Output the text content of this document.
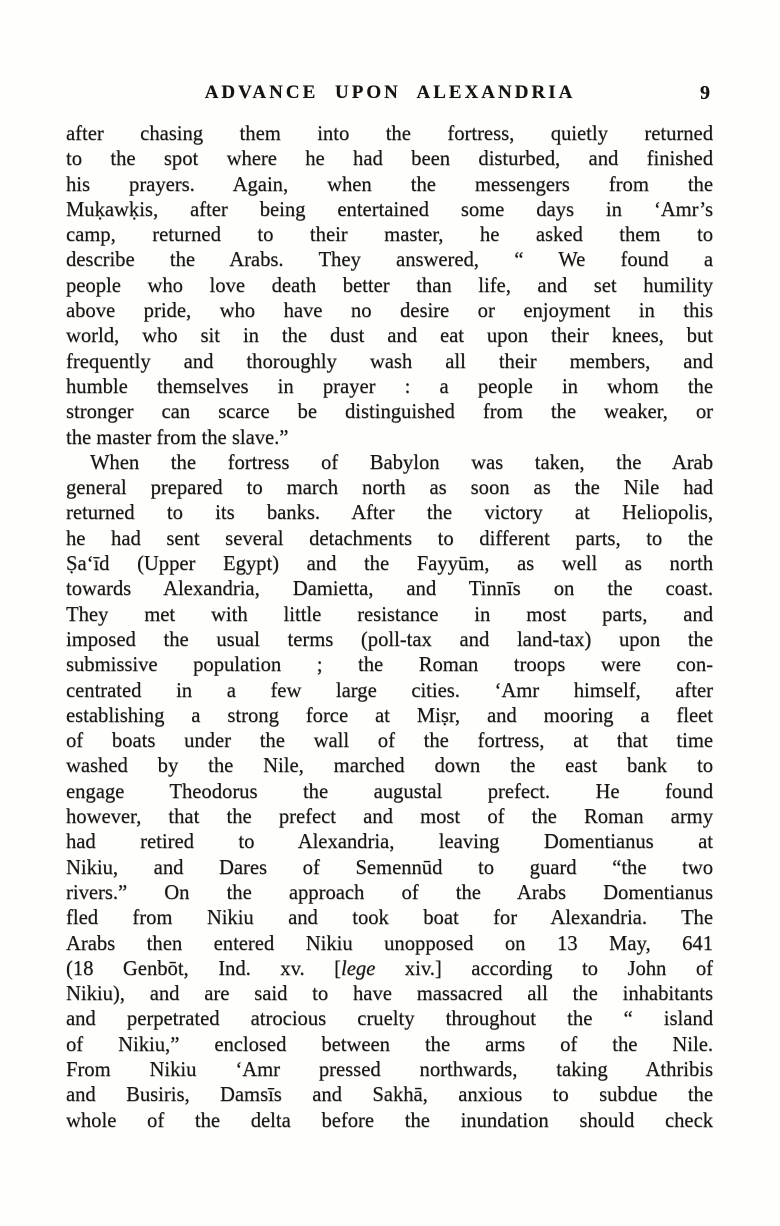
ADVANCE UPON ALEXANDRIA	9
after chasing them into the fortress, quietly returned
to the spot where he had been disturbed, and finished
his prayers. Again, when the messengers from the
Muḳawḳis, after being entertained some days in ‘Amr’s
camp, returned to their master, he asked them to
describe the Arabs. They answered, “ We found a
people who love death better than life, and set humility
above pride, who have no desire or enjoyment in this
world, who sit in the dust and eat upon their knees, but
frequently and thoroughly wash all their members, and
humble themselves in prayer : a people in whom the
stronger can scarce be distinguished from the weaker, or
the master from the slave.”
When the fortress of Babylon was taken, the Arab
general prepared to march north as soon as the Nile had
returned to its banks. After the victory at Heliopolis,
he had sent several detachments to different parts, to the
Ṣa‘īd (Upper Egypt) and the Fayyūm, as well as north
towards Alexandria, Damietta, and Tinnīs on the coast.
They met with little resistance in most parts, and
imposed the usual terms (poll-tax and land-tax) upon the
submissive population ; the Roman troops were con-
centrated in a few large cities. ‘Amr himself, after
establishing a strong force at Miṣr, and mooring a fleet
of boats under the wall of the fortress, at that time
washed by the Nile, marched down the east bank to
engage Theodorus the augustal prefect. He found
however, that the prefect and most of the Roman army
had retired to Alexandria, leaving Domentianus at
Nikiu, and Dares of Semennūd to guard “the two
rivers.” On the approach of the Arabs Domentianus
fled from Nikiu and took boat for Alexandria. The
Arabs then entered Nikiu unopposed on 13 May, 641
(18 Genbōt, Ind. xv. [lege xiv.] according to John of
Nikiu), and are said to have massacred all the inhabitants
and perpetrated atrocious cruelty throughout the “ island
of Nikiu,” enclosed between the arms of the Nile.
From Nikiu ‘Amr pressed northwards, taking Athribis
and Busiris, Damsīs and Sakhā, anxious to subdue the
whole of the delta before the inundation should check
